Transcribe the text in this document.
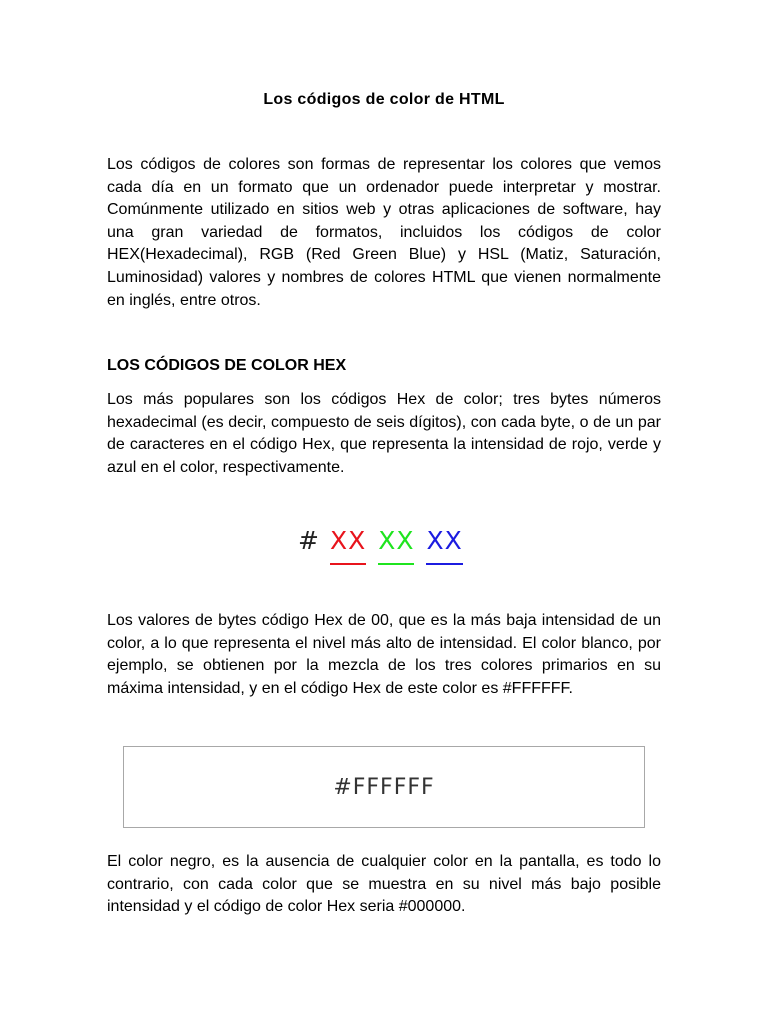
Los códigos de color de HTML

Los códigos de colores son formas de representar los colores que vemos cada día en un formato que un ordenador puede interpretar y mostrar. Comúnmente utilizado en sitios web y otras aplicaciones de software, hay una gran variedad de formatos, incluidos los códigos de color HEX(Hexadecimal), RGB (Red Green Blue) y HSL (Matiz, Saturación, Luminosidad) valores y nombres de colores HTML que vienen normalmente en inglés, entre otros.

LOS CÓDIGOS DE COLOR HEX

Los más populares son los códigos Hex de color; tres bytes números hexadecimal (es decir, compuesto de seis dígitos), con cada byte, o de un par de caracteres en el código Hex, que representa la intensidad de rojo, verde y azul en el color, respectivamente.

Los valores de bytes código Hex de 00, que es la más baja intensidad de un color, a lo que representa el nivel más alto de intensidad. El color blanco, por ejemplo, se obtienen por la mezcla de los tres colores primarios en su máxima intensidad, y en el código Hex de este color es #FFFFFF.

El color negro, es la ausencia de cualquier color en la pantalla, es todo lo contrario, con cada color que se muestra en su nivel más bajo posible intensidad y el código de color Hex seria #000000.

# XX XX XX
#FFFFFF
